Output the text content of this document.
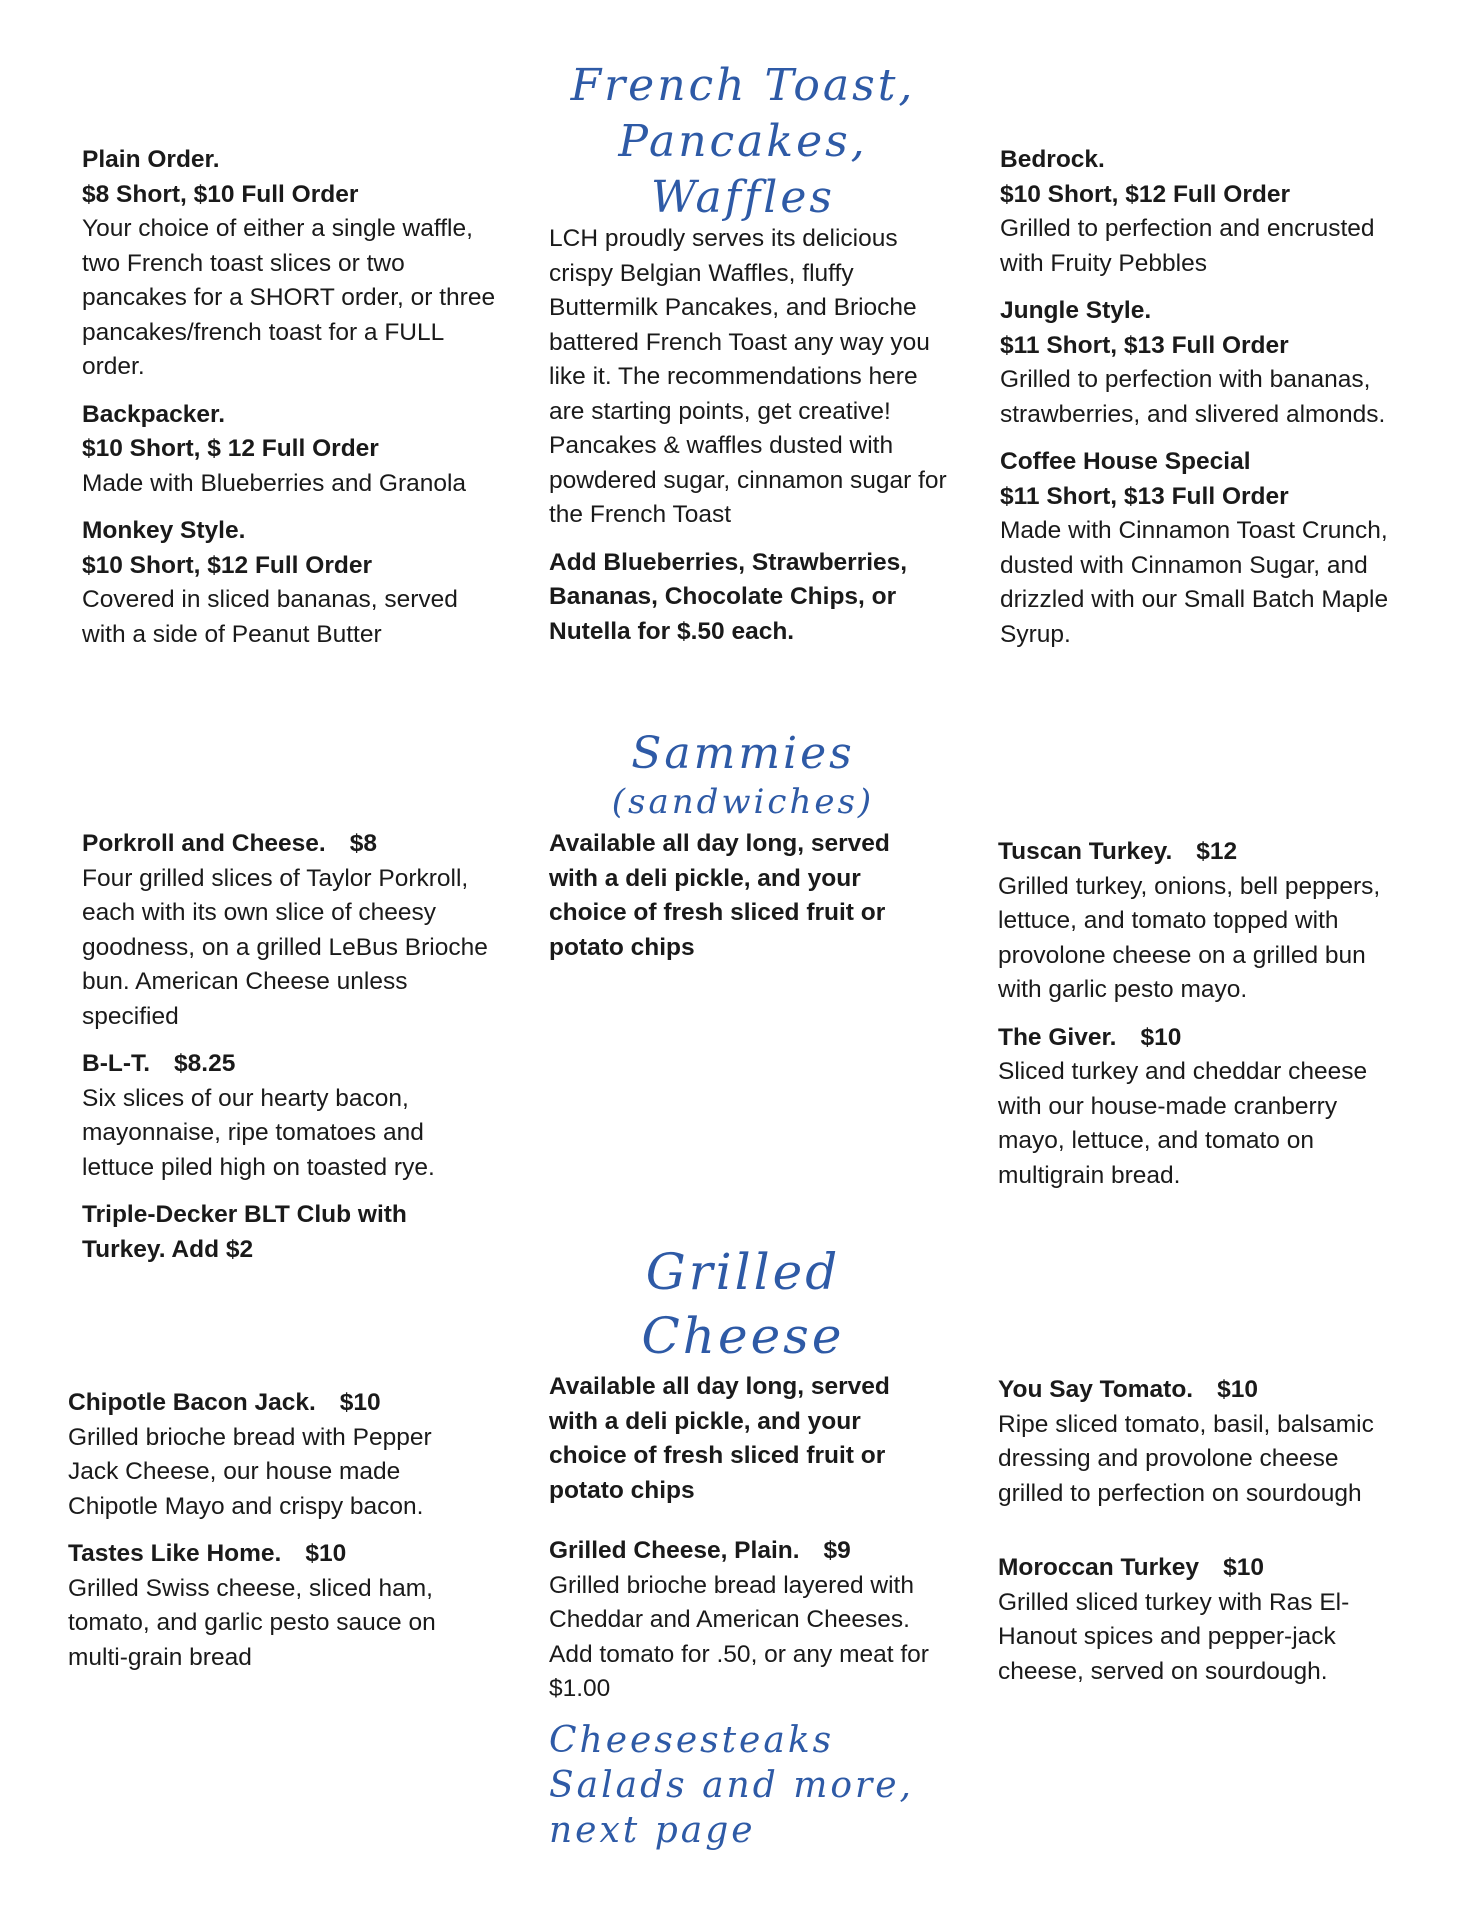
French Toast,
Pancakes,
Waffles
Plain Order.
$8 Short, $10 Full Order
Your choice of either a single waffle, two French toast slices or two pancakes for a SHORT order, or three pancakes/french toast for a FULL order.
Backpacker.
$10 Short, $ 12 Full Order
Made with Blueberries and Granola
Monkey Style.
$10 Short, $12 Full Order
Covered in sliced bananas, served with a side of Peanut Butter
LCH proudly serves its delicious crispy Belgian Waffles, fluffy Buttermilk Pancakes, and Brioche battered French Toast any way you like it. The recommendations here are starting points, get creative! Pancakes & waffles dusted with powdered sugar, cinnamon sugar for the French Toast
Add Blueberries, Strawberries, Bananas, Chocolate Chips, or Nutella for $.50 each.
Bedrock.
$10 Short, $12 Full Order
Grilled to perfection and encrusted with Fruity Pebbles
Jungle Style.
$11 Short, $13 Full Order
Grilled to perfection with bananas, strawberries, and slivered almonds.
Coffee House Special
$11 Short, $13 Full Order
Made with Cinnamon Toast Crunch, dusted with Cinnamon Sugar, and drizzled with our Small Batch Maple Syrup.
Sammies
(sandwiches)
Porkroll and Cheese. $8
Four grilled slices of Taylor Porkroll, each with its own slice of cheesy goodness, on a grilled LeBus Brioche bun. American Cheese unless specified
B-L-T. $8.25
Six slices of our hearty bacon, mayonnaise, ripe tomatoes and lettuce piled high on toasted rye.
Triple-Decker BLT Club with Turkey. Add $2
Available all day long, served with a deli pickle, and your choice of fresh sliced fruit or potato chips
Tuscan Turkey. $12
Grilled turkey, onions, bell peppers, lettuce, and tomato topped with provolone cheese on a grilled bun with garlic pesto mayo.
The Giver. $10
Sliced turkey and cheddar cheese with our house-made cranberry mayo, lettuce, and tomato on multigrain bread.
Grilled
Cheese
Chipotle Bacon Jack. $10
Grilled brioche bread with Pepper Jack Cheese, our house made Chipotle Mayo and crispy bacon.
Tastes Like Home. $10
Grilled Swiss cheese, sliced ham, tomato, and garlic pesto sauce on multi-grain bread
Available all day long, served with a deli pickle, and your choice of fresh sliced fruit or potato chips
Grilled Cheese, Plain. $9
Grilled brioche bread layered with Cheddar and American Cheeses. Add tomato for .50, or any meat for $1.00
You Say Tomato. $10
Ripe sliced tomato, basil, balsamic dressing and provolone cheese grilled to perfection on sourdough
Moroccan Turkey $10
Grilled sliced turkey with Ras El-Hanout spices and pepper-jack cheese, served on sourdough.
Cheesesteaks
Salads and more,
next page
